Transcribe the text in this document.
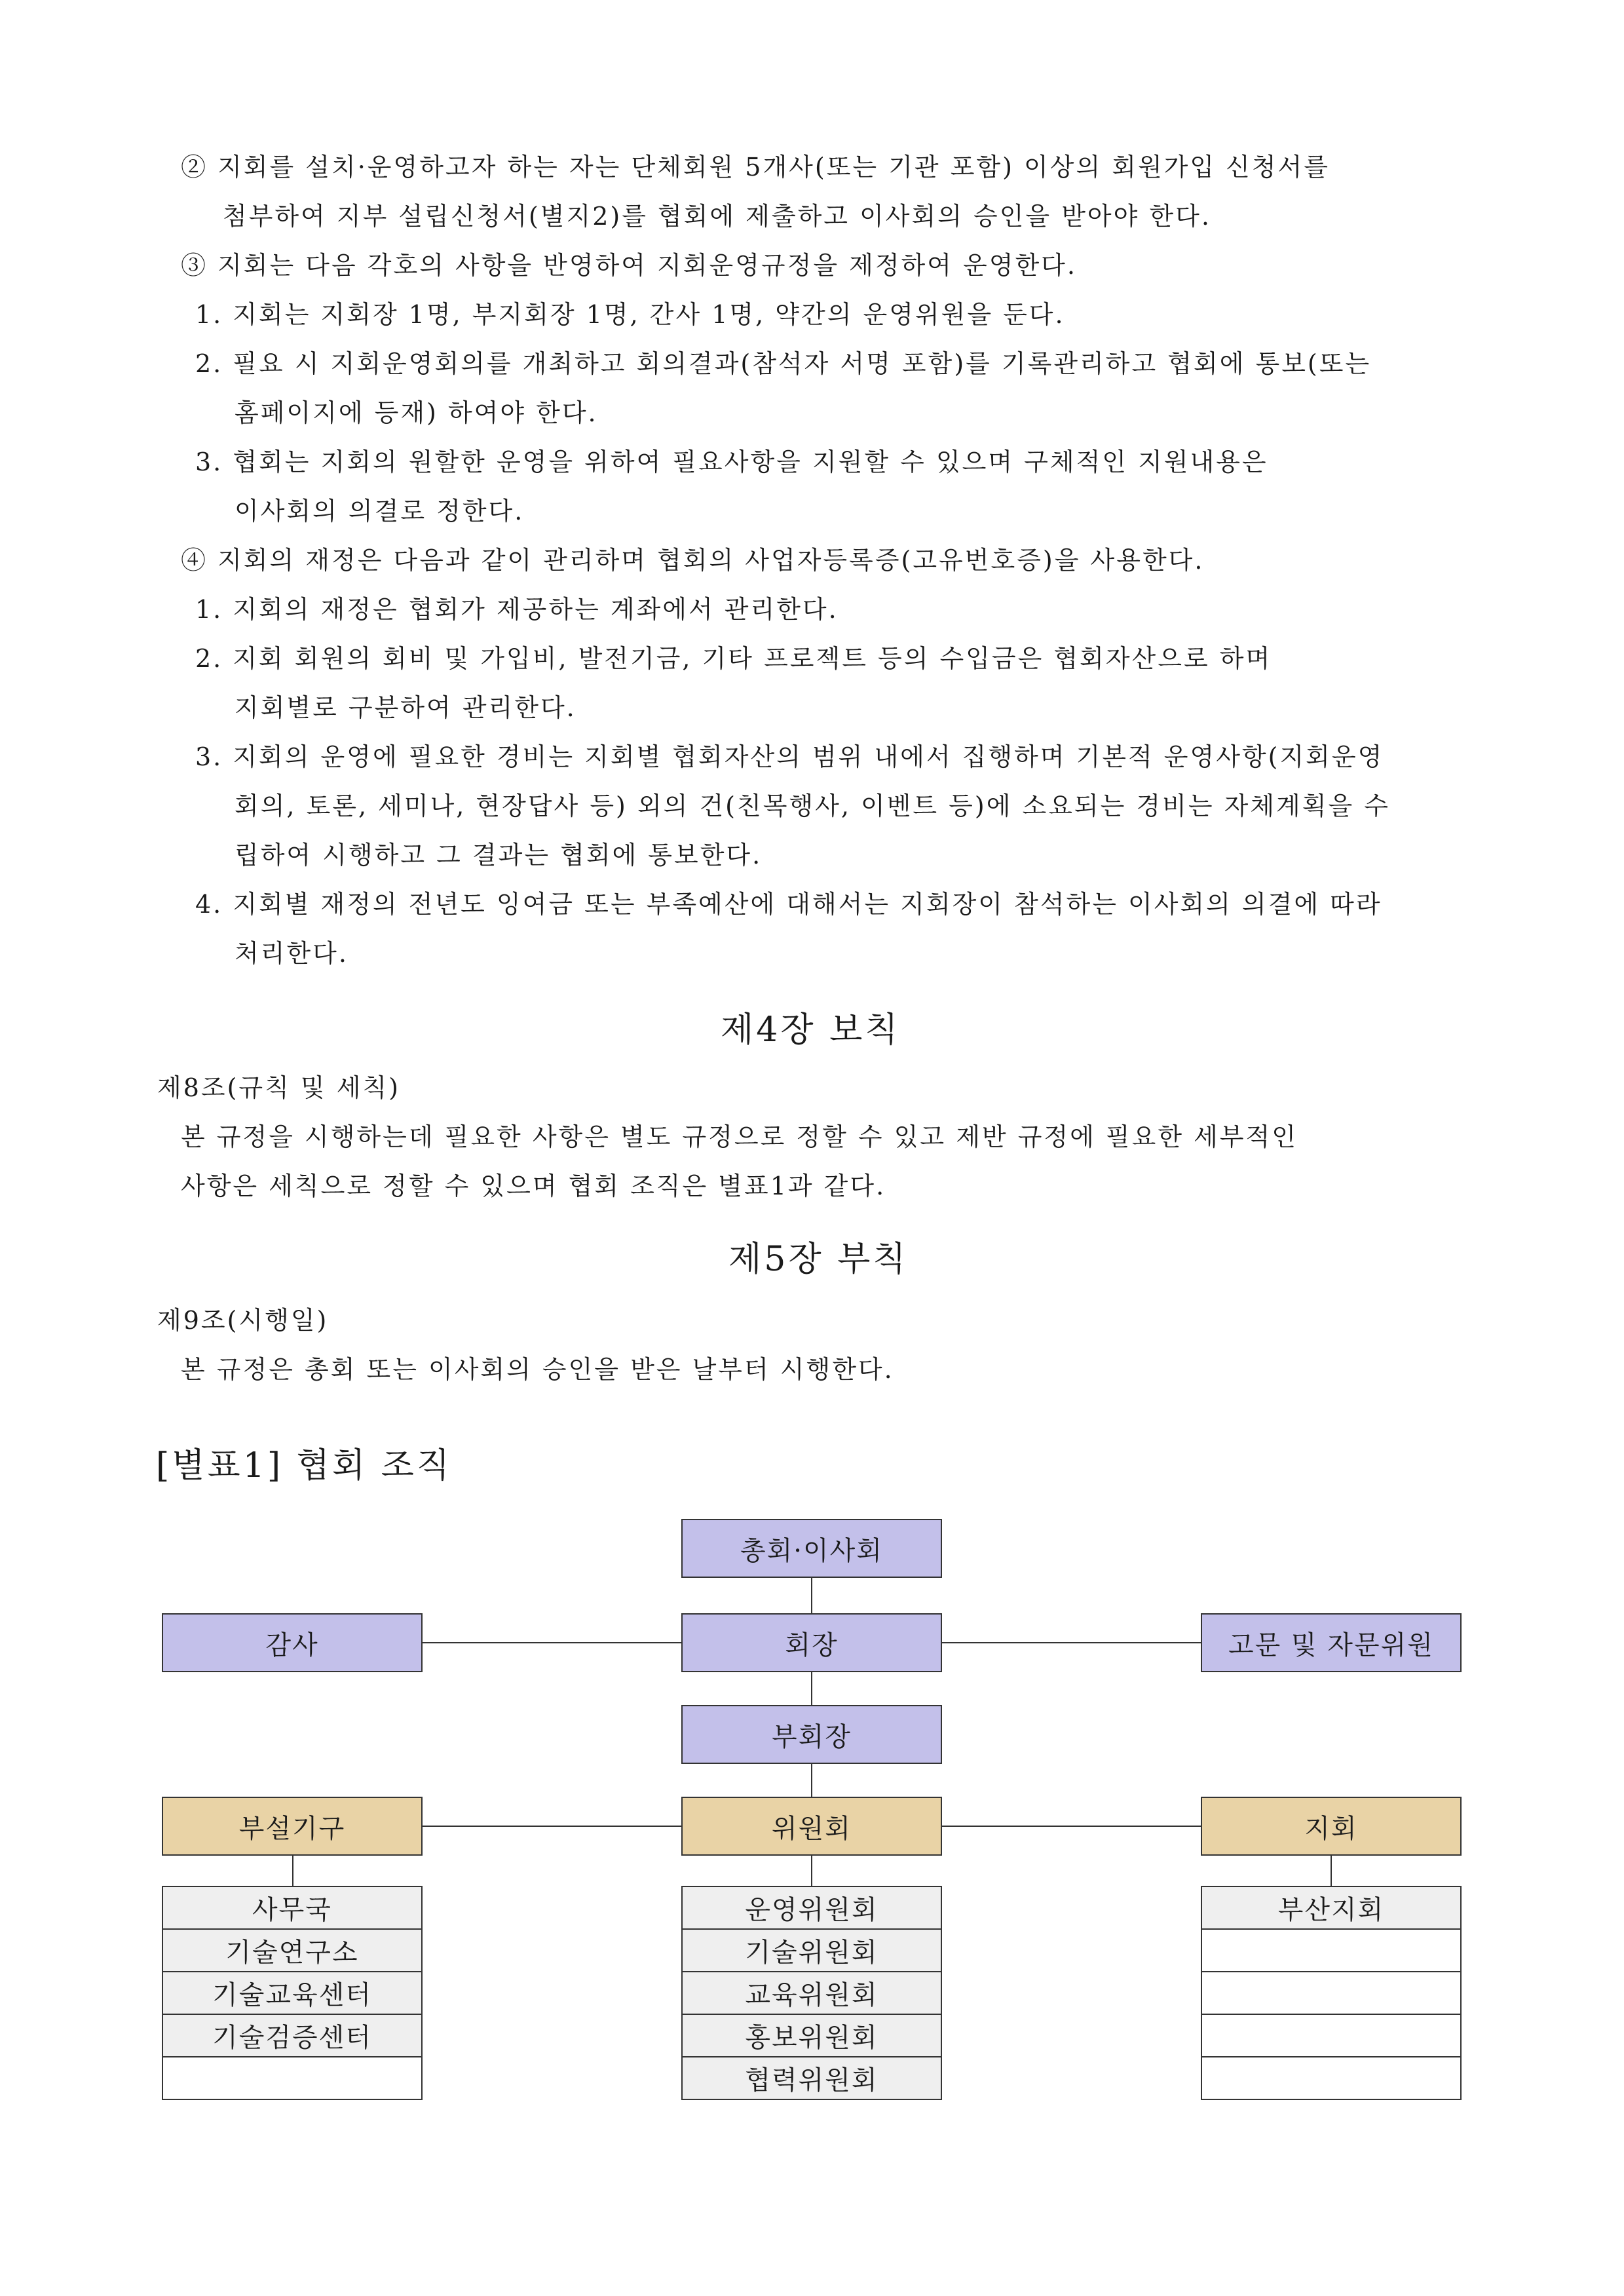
② 지회를 설치·운영하고자 하는 자는 단체회원 5개사(또는 기관 포함) 이상의 회원가입 신청서를
첨부하여 지부 설립신청서(별지2)를 협회에 제출하고 이사회의 승인을 받아야 한다.
③ 지회는 다음 각호의 사항을 반영하여 지회운영규정을 제정하여 운영한다.
1. 지회는 지회장 1명, 부지회장 1명, 간사 1명, 약간의 운영위원을 둔다.
2. 필요 시 지회운영회의를 개최하고 회의결과(참석자 서명 포함)를 기록관리하고 협회에 통보(또는
홈페이지에 등재) 하여야 한다.
3. 협회는 지회의 원할한 운영을 위하여 필요사항을 지원할 수 있으며 구체적인 지원내용은
이사회의 의결로 정한다.
④ 지회의 재정은 다음과 같이 관리하며 협회의 사업자등록증(고유번호증)을 사용한다.
1. 지회의 재정은 협회가 제공하는 계좌에서 관리한다.
2. 지회 회원의 회비 및 가입비, 발전기금, 기타 프로젝트 등의 수입금은 협회자산으로 하며
지회별로 구분하여 관리한다.
3. 지회의 운영에 필요한 경비는 지회별 협회자산의 범위 내에서 집행하며 기본적 운영사항(지회운영
회의, 토론, 세미나, 현장답사 등) 외의 건(친목행사, 이벤트 등)에 소요되는 경비는 자체계획을 수
립하여 시행하고 그 결과는 협회에 통보한다.
4. 지회별 재정의 전년도 잉여금 또는 부족예산에 대해서는 지회장이 참석하는 이사회의 의결에 따라
처리한다.
제4장 보칙
제8조(규칙 및 세칙)
본 규정을 시행하는데 필요한 사항은 별도 규정으로 정할 수 있고 제반 규정에 필요한 세부적인
사항은 세칙으로 정할 수 있으며 협회 조직은 별표1과 같다.
제5장 부칙
제9조(시행일)
본 규정은 총회 또는 이사회의 승인을 받은 날부터 시행한다.
[별표1] 협회 조직
총회·이사회
감사	회장	고문 및 자문위원
부회장
부설기구	위원회	지회
사무국
기술연구소
기술교육센터
기술검증센터
운영위원회
기술위원회
교육위원회
홍보위원회
협력위원회
부산지회
